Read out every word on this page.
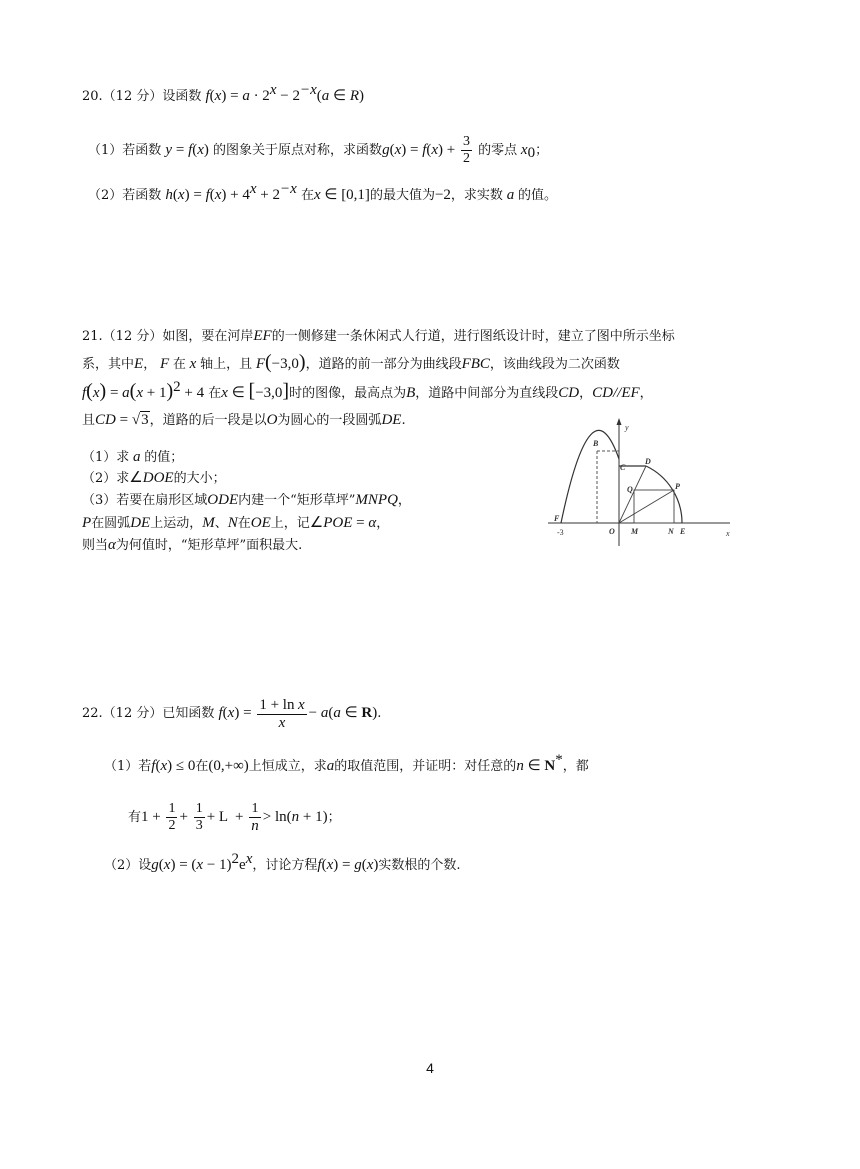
20.（12 分）设函数 $f(x) = a \cdot 2^x - 2^{-x}(a$ ∈ R)
（1）若函数 y = f(x) 的图象关于原点对称，求函数$g(x) = f(x) + \frac{3}{2}$ 的零点 $x_0$；
（2）若函数 $h(x) = f(x) + 4^x + 2^{-x}$ 在x ∈ [0,1]的最大值为−2，求实数 a 的值。
21.（12 分）如图，要在河岸EF的一侧修建一条休闲式人行道，进行图纸设计时，建立了图中所示坐标
系，其中E， F 在 x 轴上，且 F(−3,0)，道路的前一部分为曲线段FBC，该曲线段为二次函数
$f(x) = a(x + 1)^2 + 4$ 在x ∈ [−3,0]时的图像，最高点为B，道路中间部分为直线段CD，CD//EF，
且CD = √3，道路的后一段是以O为圆心的一段圆弧DE.
（1）求 a 的值；
（2）求∠DOE的大小；
（3）若要在扇形区域ODE内建一个“矩形草坪”MNPQ，
P在圆弧DE上运动，M、N在OE上，记∠POE = α，
则当α为何值时，“矩形草坪”面积最大.
y
B
C
D
Q	P
F
-3	O M	N E	x
22.（12 分）已知函数 $f(x) = \frac{\text{1 + ln x}}{x} - a(a$ ∈ R).
（1）若f(x) ≤ 0在(0,+∞)上恒成立，求a的取值范围，并证明：对任意的n ∈ N*，都
有$1 + \frac{1}{2} + \frac{1}{3} + L + \frac{1}{n} > \ln(n + 1)$；
（2）设$g(x) = (x - 1)^2e^x$，讨论方程f(x) = g(x)实数根的个数.
4
